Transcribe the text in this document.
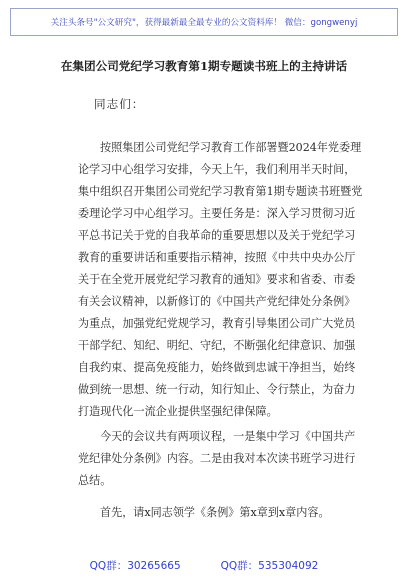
关注头条号"公文研究"，获得最新最全最专业的公文资料库！ 微信：gongwenyj
在集团公司党纪学习教育第1期专题读书班上的主持讲话
同志们：
按照集团公司党纪学习教育工作部署暨2024年党委理
论学习中心组学习安排，今天上午，我们利用半天时间，
集中组织召开集团公司党纪学习教育第1期专题读书班暨党
委理论学习中心组学习。主要任务是：深入学习贯彻习近
平总书记关于党的自我革命的重要思想以及关于党纪学习
教育的重要讲话和重要指示精神，按照《中共中央办公厅
关于在全党开展党纪学习教育的通知》要求和省委、市委
有关会议精神，以新修订的《中国共产党纪律处分条例》
为重点，加强党纪党规学习，教育引导集团公司广大党员
干部学纪、知纪、明纪、守纪，不断强化纪律意识、加强
自我约束、提高免疫能力，始终做到忠诚干净担当，始终
做到统一思想、统一行动，知行知止、令行禁止，为奋力
打造现代化一流企业提供坚强纪律保障。
今天的会议共有两项议程，一是集中学习《中国共产
党纪律处分条例》内容。二是由我对本次读书班学习进行
总结。
首先，请x同志领学《条例》第x章到x章内容。
QQ群：30265665	QQ群：535304092
